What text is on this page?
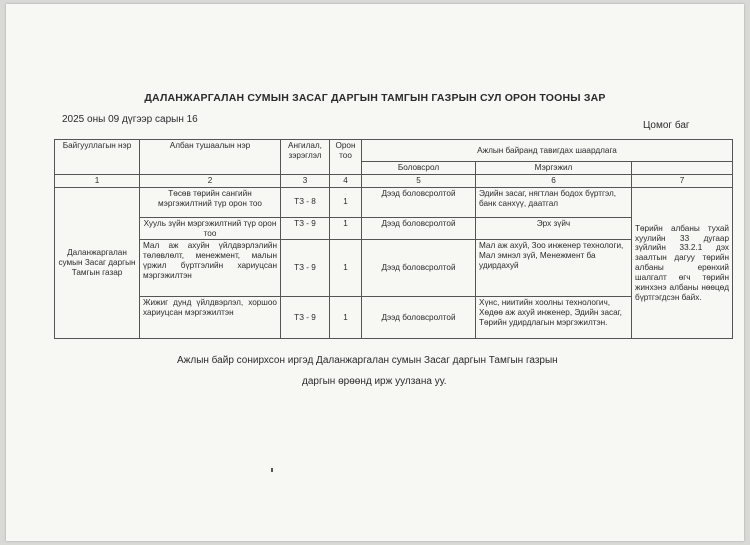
ДАЛАНЖАРГАЛАН СУМЫН ЗАСАГ ДАРГЫН ТАМГЫН ГАЗРЫН СУЛ ОРОН ТООНЫ ЗАР
2025 оны 09 дүгээр сарын 16
Цомог баг
Байгууллагын нэр	Албан тушаалын нэр	Ангилал, зэрэглэл	Орон тоо	Ажлын байранд тавигдах шаардлага		
				Боловсрол	Мэргэжил	
1	2	3	4	5	6	7
Даланжаргалан сумын Засаг даргын Тамгын газар	Төсөв төрийн сангийн мэргэжилтний түр орон тоо	ТЗ - 8	1	Дээд боловсролтой	Эдийн засаг, нягтлан бодох бүртгэл, банк санхүү, даатгал	Төрийн албаны тухай хуулийн 33 дугаар зүйлийн 33.2.1 дэх заалтын дагуу төрийн албаны ерөнхий шалгалт өгч төрийн жинхэнэ албаны нөөцөд бүртгэгдсэн байх.
	Хууль зүйн мэргэжилтний түр орон тоо	ТЗ - 9	1	Дээд боловсролтой	Эрх зүйч	
	Мал аж ахуйн үйлдвэрлэлийн төлөвлөлт, менежмент, малын үржил бүртгэлийн хариуцсан мэргэжилтэн	ТЗ - 9	1	Дээд боловсролтой	Мал аж ахуй, Зоо инженер технологи, Мал эмнэл зүй, Менежмент ба удирдахуй	
	Жижиг дунд үйлдвэрлэл, хоршоо хариуцсан мэргэжилтэн	ТЗ - 9	1	Дээд боловсролтой	Хүнс, ниитийн хоолны технологич, Хөдөө аж ахуй инженер, Эдийн засаг, Төрийн удирдлагын мэргэжилтэн.	
Ажлын байр сонирхсон иргэд Даланжаргалан сумын Засаг даргын Тамгын газрын
даргын өрөөнд ирж уулзана уу.
